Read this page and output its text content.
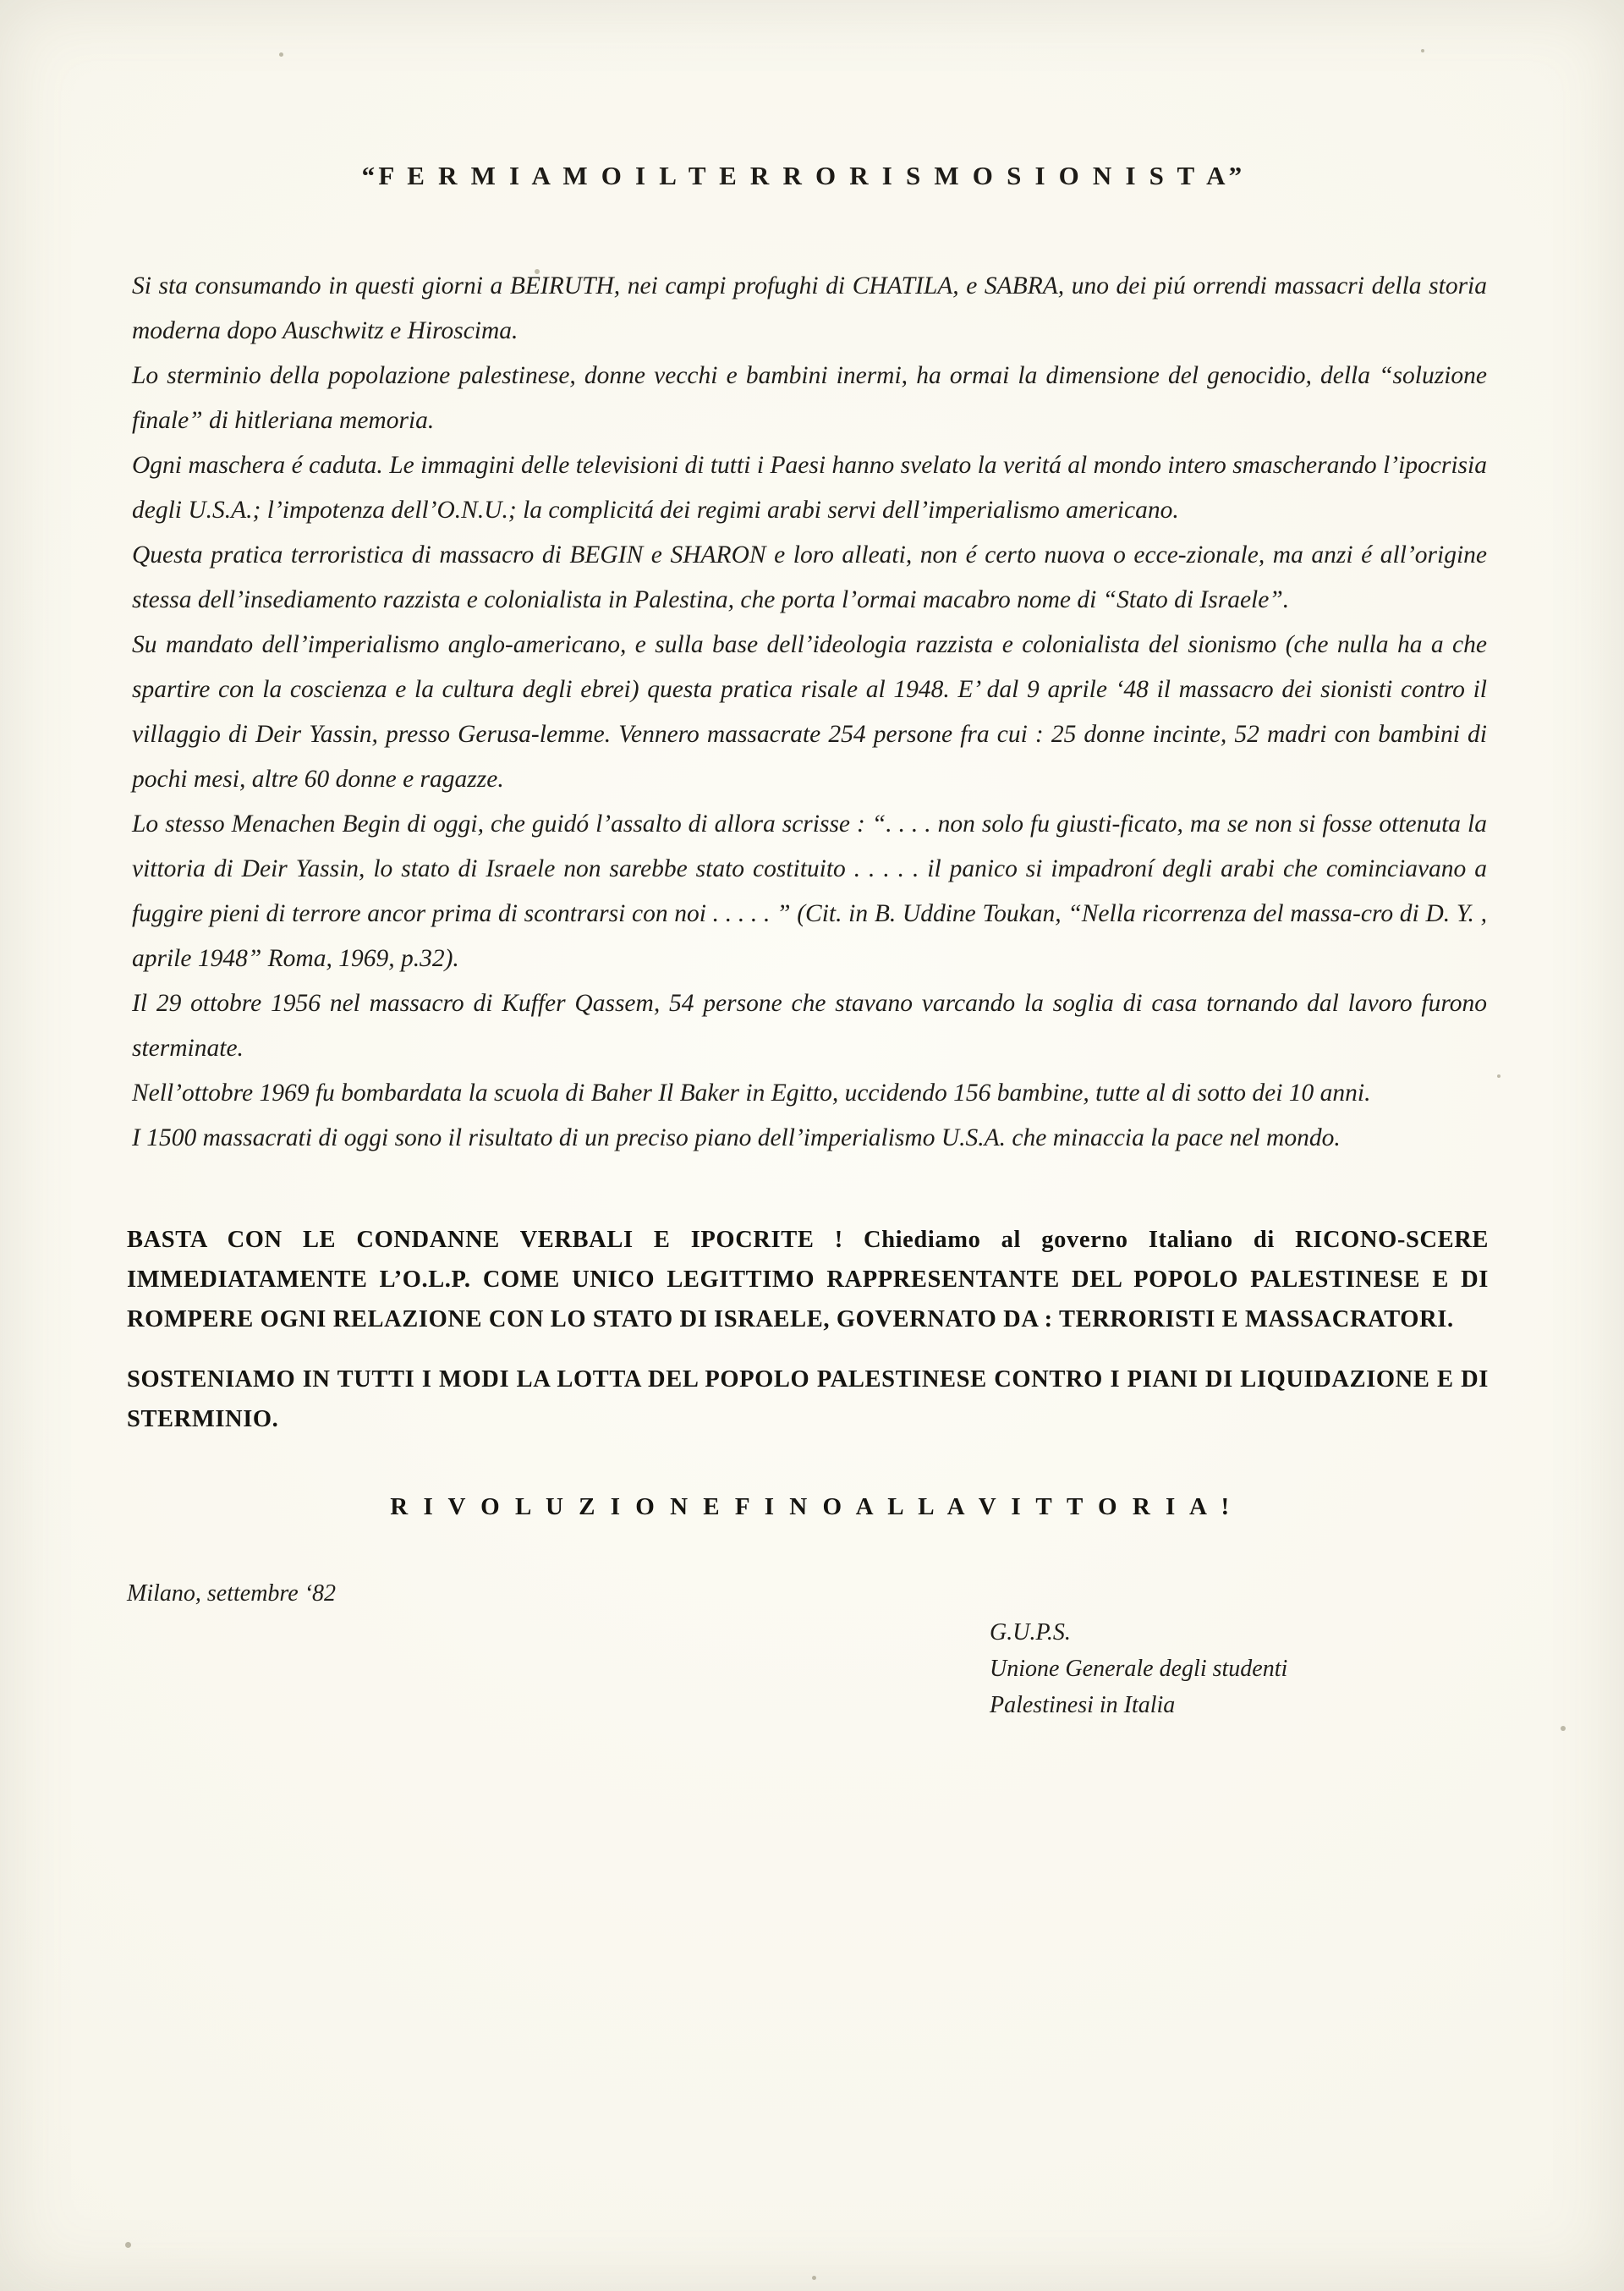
“F E R M I A M O I L T E R R O R I S M O S I O N I S T A”

Si sta consumando in questi giorni a BEIRUTH, nei campi profughi di CHATILA, e SABRA, uno dei piú orrendi massacri della storia moderna dopo Auschwitz e Hiroscima.

Lo sterminio della popolazione palestinese, donne vecchi e bambini inermi, ha ormai la dimensione del genocidio, della “soluzione finale” di hitleriana memoria.

Ogni maschera é caduta. Le immagini delle televisioni di tutti i Paesi hanno svelato la veritá al mondo intero smascherando l’ipocrisia degli U.S.A.; l’impotenza dell’O.N.U.; la complicitá dei regimi arabi servi dell’imperialismo americano.

Questa pratica terroristica di massacro di BEGIN e SHARON e loro alleati, non é certo nuova o ecce-zionale, ma anzi é all’origine stessa dell’insediamento razzista e colonialista in Palestina, che porta l’ormai macabro nome di “Stato di Israele”.

Su mandato dell’imperialismo anglo-americano, e sulla base dell’ideologia razzista e colonialista del sionismo (che nulla ha a che spartire con la coscienza e la cultura degli ebrei) questa pratica risale al 1948. E’ dal 9 aprile ‘48 il massacro dei sionisti contro il villaggio di Deir Yassin, presso Gerusa-lemme. Vennero massacrate 254 persone fra cui : 25 donne incinte, 52 madri con bambini di pochi mesi, altre 60 donne e ragazze.

Lo stesso Menachen Begin di oggi, che guidó l’assalto di allora scrisse : “. . . . non solo fu giusti-ficato, ma se non si fosse ottenuta la vittoria di Deir Yassin, lo stato di Israele non sarebbe stato costituito . . . . . il panico si impadroní degli arabi che cominciavano a fuggire pieni di terrore ancor prima di scontrarsi con noi . . . . . ” (Cit. in B. Uddine Toukan, “Nella ricorrenza del massa-cro di D. Y. , aprile 1948” Roma, 1969, p.32).

Il 29 ottobre 1956 nel massacro di Kuffer Qassem, 54 persone che stavano varcando la soglia di casa tornando dal lavoro furono sterminate.

Nell’ottobre 1969 fu bombardata la scuola di Baher Il Baker in Egitto, uccidendo 156 bambine, tutte al di sotto dei 10 anni.

I 1500 massacrati di oggi sono il risultato di un preciso piano dell’imperialismo U.S.A. che minaccia la pace nel mondo.

BASTA CON LE CONDANNE VERBALI E IPOCRITE ! Chiediamo al governo Italiano di RICONO-SCERE IMMEDIATAMENTE L’O.L.P. COME UNICO LEGITTIMO RAPPRESENTANTE DEL POPOLO PALESTINESE E DI ROMPERE OGNI RELAZIONE CON LO STATO DI ISRAELE, GOVERNATO DA : TERRORISTI E MASSACRATORI.

SOSTENIAMO IN TUTTI I MODI LA LOTTA DEL POPOLO PALESTINESE CONTRO I PIANI DI LIQUIDAZIONE E DI STERMINIO.

R I V O L U Z I O N E F I N O A L L A V I T T O R I A !
Milano, settembre ‘82
G.U.P.S.
Unione Generale degli studenti
Palestinesi in Italia
